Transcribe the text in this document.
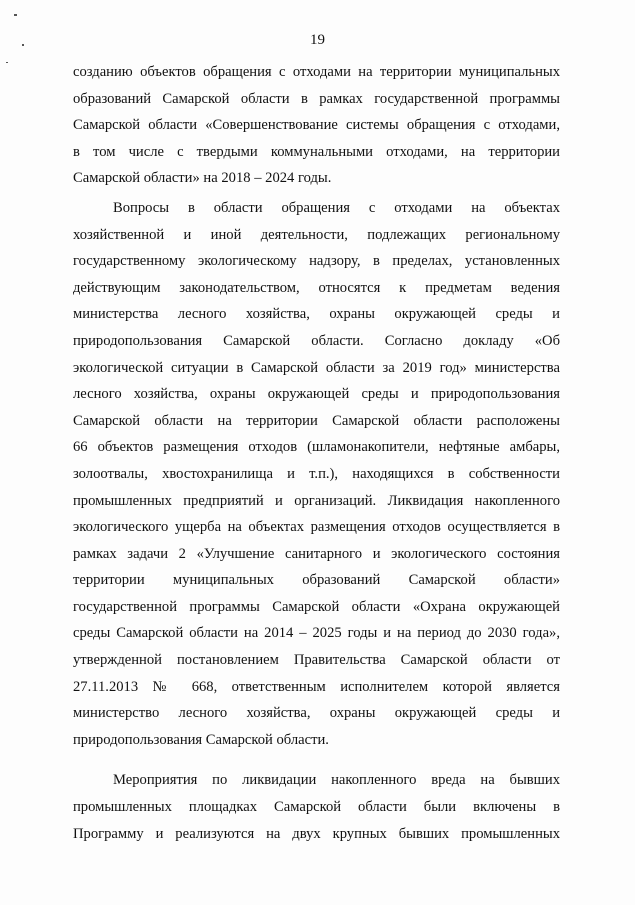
19
созданию объектов обращения с отходами на территории муниципальных
образований Самарской области в рамках государственной программы
Самарской области «Совершенствование системы обращения с отходами,
в том числе с твердыми коммунальными отходами, на территории
Самарской области» на 2018 – 2024 годы.
Вопросы в области обращения с отходами на объектах
хозяйственной и иной деятельности, подлежащих региональному
государственному экологическому надзору, в пределах, установленных
действующим законодательством, относятся к предметам ведения
министерства лесного хозяйства, охраны окружающей среды и
природопользования Самарской области. Согласно докладу «Об
экологической ситуации в Самарской области за 2019 год» министерства
лесного хозяйства, охраны окружающей среды и природопользования
Самарской области на территории Самарской области расположены
66 объектов размещения отходов (шламонакопители, нефтяные амбары,
золоотвалы, хвостохранилища и т.п.), находящихся в собственности
промышленных предприятий и организаций. Ликвидация накопленного
экологического ущерба на объектах размещения отходов осуществляется в
рамках задачи 2 «Улучшение санитарного и экологического состояния
территории муниципальных образований Самарской области»
государственной программы Самарской области «Охрана окружающей
среды Самарской области на 2014 – 2025 годы и на период до 2030 года»,
утвержденной постановлением Правительства Самарской области от
27.11.2013 № 668, ответственным исполнителем которой является
министерство лесного хозяйства, охраны окружающей среды и
природопользования Самарской области.
Мероприятия по ликвидации накопленного вреда на бывших
промышленных площадках Самарской области были включены в
Программу и реализуются на двух крупных бывших промышленных
